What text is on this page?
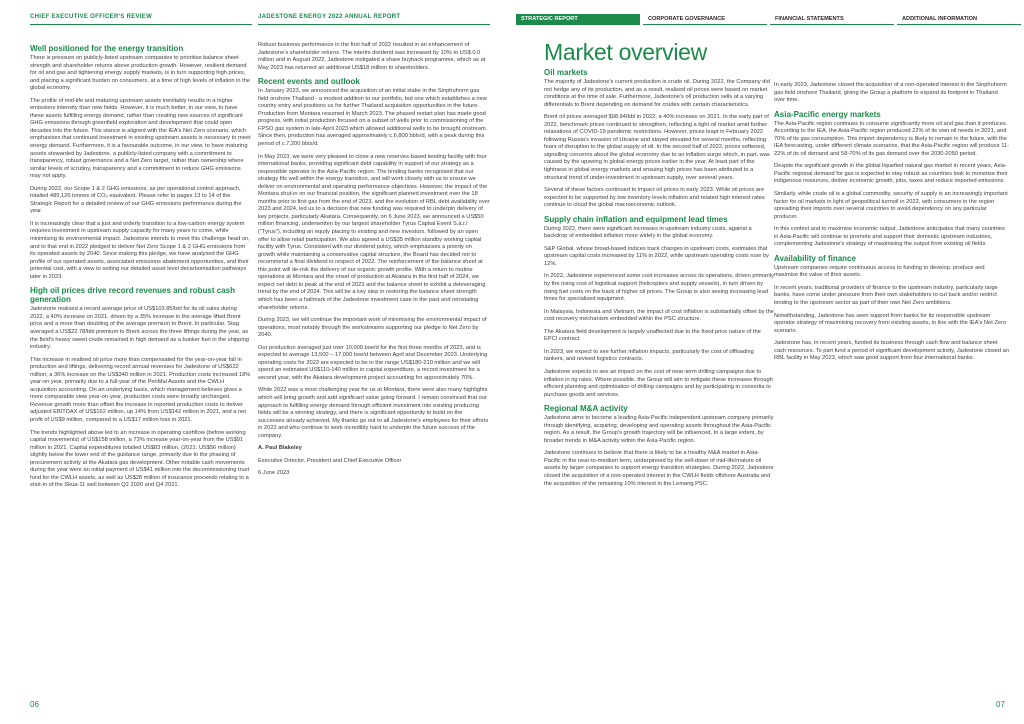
CHIEF EXECUTIVE OFFICER'S REVIEW	JADESTONE ENERGY 2022 ANNUAL REPORT
Well positioned for the energy transition

There is pressure on publicly-listed upstream companies to prioritise balance sheet strength and shareholder returns above production growth. However, resilient demand for oil and gas and tightening energy supply markets, is in turn supporting high prices, and placing a significant burden on consumers, at a time of high levels of inflation in the global economy.

The profile of mid-life and maturing upstream assets inevitably results in a higher emissions intensity than new fields. However, it is much better, in our view, to have these assets fulfilling energy demand, rather than creating new sources of significant GHG emissions through greenfield exploration and development that could open decades into the future. This stance is aligned with the IEA's Net Zero scenario, which emphasises that continued investment in existing upstream assets is necessary to meet energy demand. Furthermore, it is a favourable outcome, in our view, to have maturing assets stewarded by Jadestone, a publicly-listed company with a commitment to transparency, robust governance and a Net Zero target, rather than ownership where similar levels of scrutiny, transparency and a commitment to reduce GHG emissions may not apply.

During 2022, our Scope 1 & 2 GHG emissions, as per operational control approach, totalled 489,126 tonnes of CO₂ equivalent. Please refer to pages 13 to 14 of the Strategic Report for a detailed review of our GHG emissions performance during the year.

It is increasingly clear that a just and orderly transition to a low-carbon energy system requires investment in upstream supply capacity for many years to come, while minimising its environmental impact. Jadestone intends to meet this challenge head on, and to that end in 2022 pledged to deliver Net Zero Scope 1 & 2 GHG emissions from its operated assets by 2040. Since making this pledge, we have analysed the GHG profile of our operated assets, associated emissions abatement opportunities, and their potential cost, with a view to setting our detailed asset level decarbonisation pathways later in 2023.

High oil prices drive record revenues and robust cash generation

Jadestone realised a record average price of US$103.85/bbl for its oil sales during 2022, a 40% increase on 2021, driven by a 35% increase in the average lifted Brent price and a more than doubling of the average premium to Brent. In particular, Stag averaged a US$22.78/bbl premium to Brent across the three liftings during the year, as the field's heavy sweet crude remained in high demand as a bunker fuel in the shipping industry.

This increase in realised oil price more than compensated for the year-on-year fall in production and liftings, delivering record annual revenues for Jadestone of US$622 million, a 36% increase on the US$340 million in 2021. Production costs increased 18% year-on year, primarily due to a full-year of the PenMal Assets and the CWLH acquisition accounting. On an underlying basis, which management believes gives a more comparable view year-on-year, production costs were broadly unchanged. Revenue growth more than offset the increase in reported production costs to deliver adjusted EBITDAX of US$162 million, up 14% from US$142 million in 2021, and a net profit of US$9 million, compared to a US$17 million loss in 2021.

The trends highlighted above led to an increase in operating cashflow (before working capital movements) of US$158 million, a 73% increase year-on-year from the US$91 million in 2021. Capital expenditures totalled US$83 million, (2021: US$56 million) slightly below the lower end of the guidance range, primarily due to the phasing of procurement activity at the Akatara gas development. Other notable cash movements during the year were an initial payment of US$41 million into the decommissioning trust fund for the CWLH assets, as well as US$28 million of insurance proceeds relating to a shut-in of the Skua-11 well between Q2 2020 and Q4 2021.

Robust business performance in the first half of 2022 resulted in an enhancement of Jadestone's shareholder returns. The interim dividend was increased by 10% to US$ 0.0 million and in August 2022, Jadestone instigated a share buyback programme, which as at May 2023 has returned an additional US$18 million to shareholders.

Recent events and outlook

In January 2023, we announced the acquisition of an initial stake in the Sinphuhorm gas field onshore Thailand - a modest addition to our portfolio, but one which establishes a new country entry and positions us for further Thailand acquisition opportunities in the future. Production from Montara resumed in March 2023. The phased restart plan has made good progress, with initial production focused on a subset of wells prior to commissioning of the FPSO gas system in late-April 2023 which allowed additional wells to be brought onstream. Since then, production has averaged approximately c.6,800 bbls/d, with a peak during this period of c.7,200 bbls/d.

In May 2023, we were very pleased to close a new reserves-based lending facility with four international banks, providing significant debt capability in support of our strategy as a responsible operator in the Asia-Pacific region. The lending banks recognised that our strategy fits well within the energy transition, and will work closely with us to ensure we deliver on environmental and operating performance objectives. However, the impact of the Montara shut-in on our financial position, the significant planned investment over the 18 months prior to first gas from the end of 2023, and the evolution of RBL debt availability over 2023 and 2024, led us to a decision that new funding was required to underpin delivery of key projects, particularly Akatara. Consequently, on 6 June 2023, we announced a US$50 million financing, underwritten by our largest shareholder Tyrus Capital Event S.à.r.l ("Tyrus"), including an equity placing to existing and new investors, followed by an open offer to allow retail participation. We also agreed a US$35 million standby working capital facility with Tyrus. Consistent with our dividend policy, which emphasises a priority on growth while maintaining a conservative capital structure, the Board has decided not to recommend a final dividend in respect of 2022. The reinforcement of the balance sheet at this point will de-risk the delivery of our organic growth profile. With a return to routine operations at Montara and the onset of production at Akatara in the first half of 2024, we expect net debt to peak at the end of 2023 and the balance sheet to exhibit a deleveraging trend by the end of 2024. This will be a key step in restoring the balance sheet strength which has been a hallmark of the Jadestone investment case in the past and reinstating shareholder returns.

During 2023, we will continue the important work of minimising the environmental impact of operations, most notably through the workstreams supporting our pledge to Net Zero by 2040.

Our production averaged just over 10,000 boe/d for the first three months of 2023, and is expected to average 13,500 – 17,000 boe/d between April and December 2023. Underlying operating costs for 2023 are expected to be in the range US$180-210 million and we will spend an estimated US$110-140 million in capital expenditure, a record investment for a second year, with the Akatara development project accounting for approximately 70%.

While 2022 was a most challenging year for us at Montara, there were also many highlights which will bring growth and add significant value going forward. I remain convinced that our approach to fulfilling energy demand through efficient investment into existing producing fields will be a winning strategy, and there is significant opportunity to build on the successes already achieved. My thanks go out to all Jadestone's employees for their efforts in 2022 and who continue to work incredibly hard to underpin the future success of the company.

A. Paul Blakeley

Executive Director, President and Chief Executive Officer

6 June 2023

06
STRATEGIC REPORT	CORPORATE GOVERNANCE	FINANCIAL STATEMENTS	ADDITIONAL INFORMATION
Market overview
Oil markets

The majority of Jadestone's current production is crude oil. During 2022, the Company did not hedge any of its production, and as a result, realised oil prices were based on market conditions at the time of sale. Furthermore, Jadestone's oil production sells at a varying differentials to Brent depending on demand for crudes with certain characteristics.

Brent oil prices averaged $98.94/bbl in 2022, a 40% increase on 2021. In the early part of 2022, benchmark prices continued to strengthen, reflecting a tight oil market amid further relaxations of COVID-19 pandemic restrictions. However, prices leapt in February 2022 following Russia's invasion of Ukraine and stayed elevated for several months, reflecting fears of disruption to the global supply of oil. In the second half of 2022, prices softened, signalling concerns about the global economy due to an inflation surge which, in part, was caused by the upswing in global energy prices earlier in the year. At least part of the tightness in global energy markets and ensuing high prices has been attributed to a structural trend of under-investment in upstream supply, over several years.

Several of these factors continued to impact oil prices in early 2023. While oil prices are expected to be supported by low inventory levels inflation and related high interest rates continue to cloud the global macroeconomic outlook.

Supply chain inflation and equipment lead times

During 2022, there were significant increases in upstream industry costs, against a backdrop of embedded inflation more widely in the global economy.

S&P Global, whose broad-based indices track changes in upstream costs, estimates that upstream capital costs increased by 11% in 2022, while upstream operating costs rose by 12%.

In 2022, Jadestone experienced some cost increases across its operations, driven primarily by the rising cost of logistical support (helicopters and supply vessels), in turn driven by rising fuel costs on the back of higher oil prices. The Group is also seeing increasing lead times for specialised equipment.

In Malaysia, Indonesia and Vietnam, the impact of cost inflation is substantially offset by the cost recovery mechanism embedded within the PSC structure.

The Akatara field development is largely unaffected due to the fixed price nature of the EPCI contract.

In 2023, we expect to see further inflation impacts, particularly the cost of offloading tankers, and revised logistics contracts.

Jadestone expects to see an impact on the cost of near-term drilling campaigns due to inflation in rig rates. Where possible, the Group will aim to mitigate these increases through efficient planning and optimisation of drilling campaigns and by participating in consortia to purchase goods and services.

Regional M&A activity

Jadestone aims to become a leading Asia-Pacific independent upstream company primarily through identifying, acquiring, developing and operating assets throughout the Asia-Pacific region. As a result, the Group's growth trajectory will be influenced, to a large extent, by broader trends in M&A activity within the Asia-Pacific region.

Jadestone continues to believe that there is likely to be a healthy M&A market in Asia-Pacific in the near-to-medium term, underpinned by the sell-down of mid-life/mature oil assets by larger companies to support energy transition strategies. During 2022, Jadestone closed the acquisition of a non-operated interest in the CWLH fields offshore Australia and the acquisition of the remaining 10% interest in the Lemang PSC.

In early 2023, Jadestone closed the acquisition of a non-operated interest in the Sinphuhorm gas field onshore Thailand, giving the Group a platform to expand its footprint in Thailand over time.

Asia-Pacific energy markets

The Asia-Pacific region continues to consume significantly more oil and gas than it produces. According to the IEA, the Asia-Pacific region produced 22% of its own oil needs in 2021, and 70% of its gas consumption. This import dependency is likely to remain in the future, with the IEA forecasting, under different climate scenarios, that the Asia-Pacific region will produce 11-22% of its oil demand and 58-70% of its gas demand over the 2030-2050 period.

Despite the significant growth in the global liquefied natural gas market in recent years, Asia-Pacific regional demand for gas is expected to stay robust as countries look to monetise their indigenous resources, deliver economic growth, jobs, taxes and reduce imported emissions.

Similarly, while crude oil is a global commodity, security of supply is an increasingly important factor for oil markets in light of geopolitical turmoil in 2022, with consumers in the region spreading their imports over several countries to avoid dependency on any particular producer.

In this context and to maximise economic output, Jadestone anticipates that many countries in Asia-Pacific will continue to promote and support their domestic upstream industries, complementing Jadestone's strategy of maximising the output from existing oil fields.

Availability of finance

Upstream companies require continuous access to funding to develop, produce and maximise the value of their assets.

In recent years, traditional providers of finance to the upstream industry, particularly large banks, have come under pressure from their own stakeholders to cut back and/or restrict lending to the upstream sector as part of their own Net Zero ambitions.

Notwithstanding, Jadestone has seen support from banks for its responsible upstream operator strategy of maximising recovery from existing assets, in line with the IEA's Net Zero scenario.

Jadestone has, in recent years, funded its business through cash flow and balance sheet cash resources. To part fund a period of significant development activity, Jadestone closed an RBL facility in May 2023, which saw good support from four international banks.

07
